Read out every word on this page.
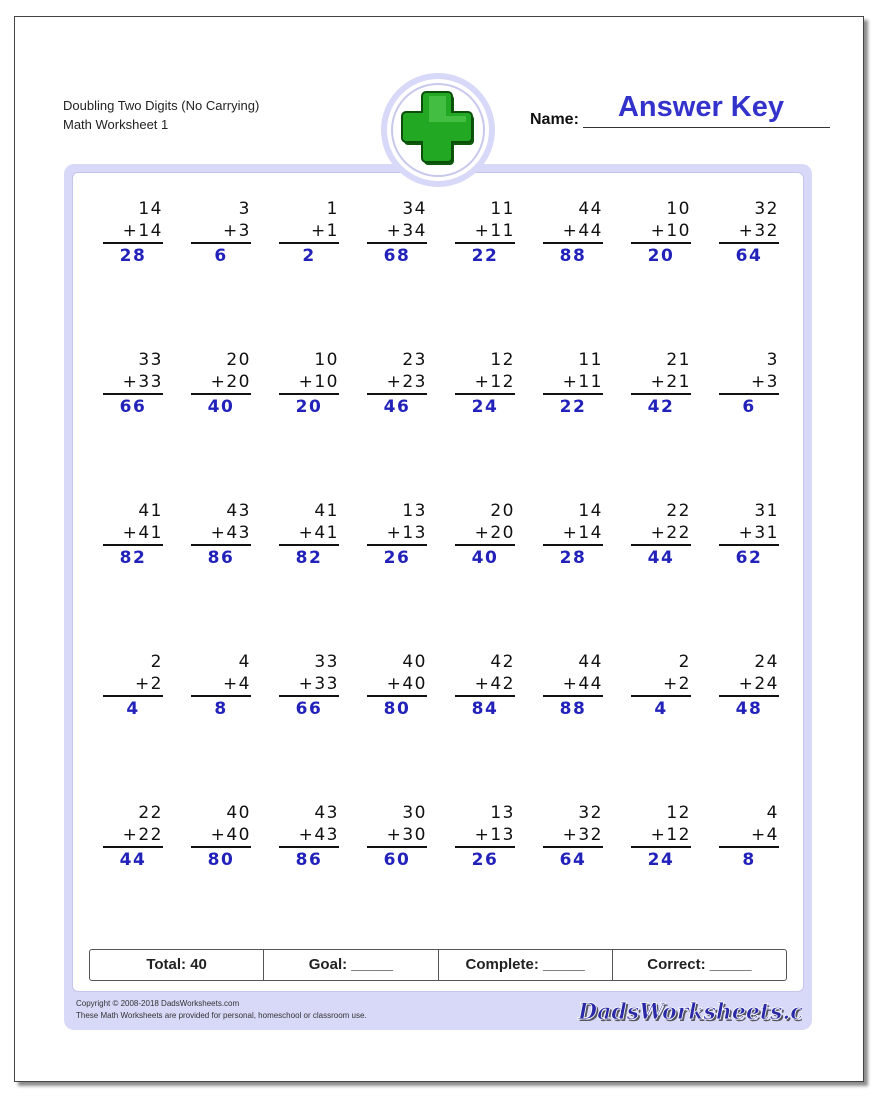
Doubling Two Digits (No Carrying)
Math Worksheet 1	Name:	Answer Key
14
+14
28
3
+3
6
1
+1
2
34
+34
68
11
+11
22
44
+44
88
10
+10
20
32
+32
64
33
+33
66
20
+20
40
10
+10
20
23
+23
46
12
+12
24
11
+11
22
21
+21
42
3
+3
6
41
+41
82
43
+43
86
41
+41
82
13
+13
26
20
+20
40
14
+14
28
22
+22
44
31
+31
62
2
+2
4
4
+4
8
33
+33
66
40
+40
80
42
+42
84
44
+44
88
2
+2
4
24
+24
48
22
+22
44
40
+40
80
43
+43
86
30
+30
60
13
+13
26
32
+32
64
12
+12
24
4
+4
8
Total: 40	Goal: _____	Complete: _____	Correct: _____
Copyright © 2008-2018 DadsWorksheets.com
These Math Worksheets are provided for personal, homeschool or classroom use.	DadsWorksheets.
DadsWorksheets.
